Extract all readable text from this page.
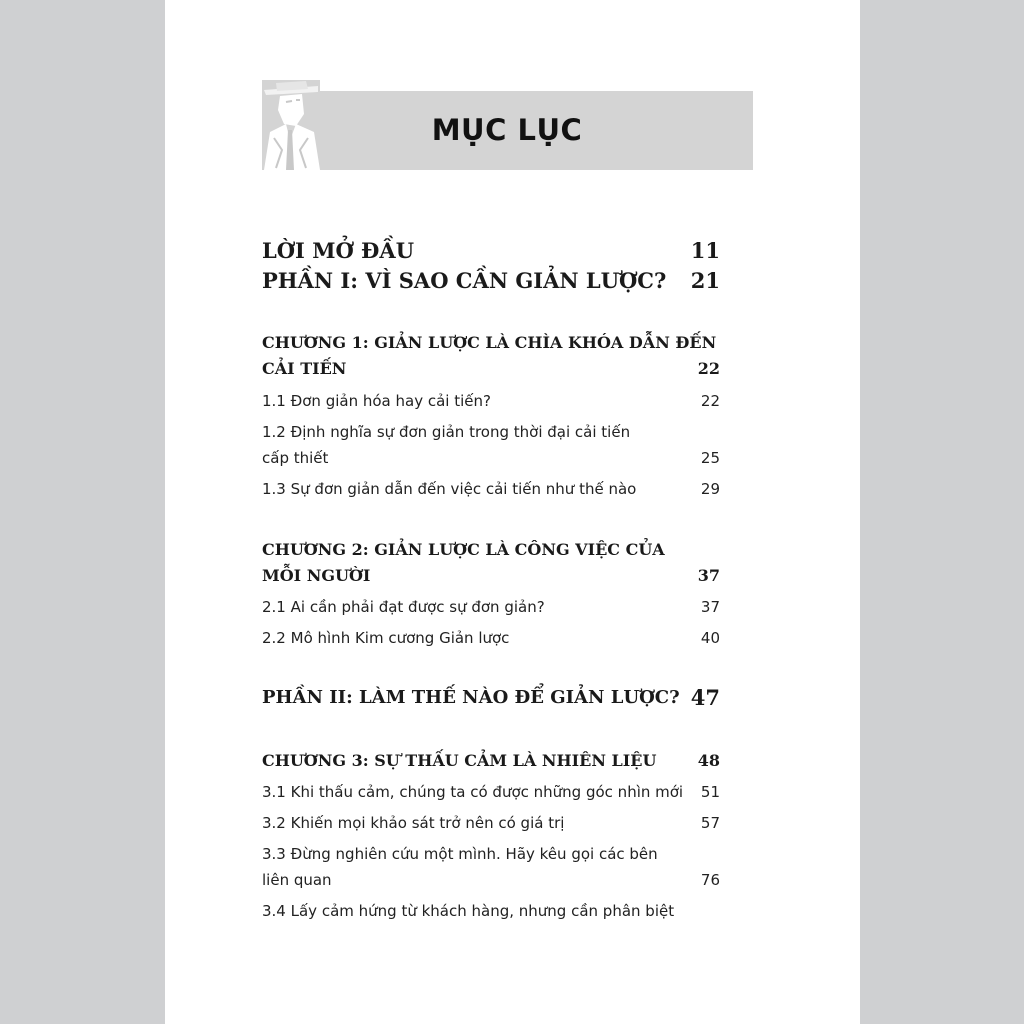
MỤC LỤC
LỜI MỞ ĐẦU	11
PHẦN I: VÌ SAO CẦN GIẢN LƯỢC? 21
CHƯƠNG 1: GIẢN LƯỢC LÀ CHÌA KHÓA DẪN ĐẾN
CẢI TIẾN	22
1.1 Đơn giản hóa hay cải tiến?	22
1.2 Định nghĩa sự đơn giản trong thời đại cải tiến
cấp thiết	25
1.3 Sự đơn giản dẫn đến việc cải tiến như thế nào	29
CHƯƠNG 2: GIẢN LƯỢC LÀ CÔNG VIỆC CỦA
MỖI NGƯỜI	37
2.1 Ai cần phải đạt được sự đơn giản?	37
2.2 Mô hình Kim cương Giản lược	40
PHẦN II: LÀM THẾ NÀO ĐỂ GIẢN LƯỢC? 47
CHƯƠNG 3: SỰ THẤU CẢM LÀ NHIÊN LIỆU	48
3.1 Khi thấu cảm, chúng ta có được những góc nhìn mới 51
3.2 Khiến mọi khảo sát trở nên có giá trị	57
3.3 Đừng nghiên cứu một mình. Hãy kêu gọi các bên
liên quan	76
3.4 Lấy cảm hứng từ khách hàng, nhưng cần phân biệt
